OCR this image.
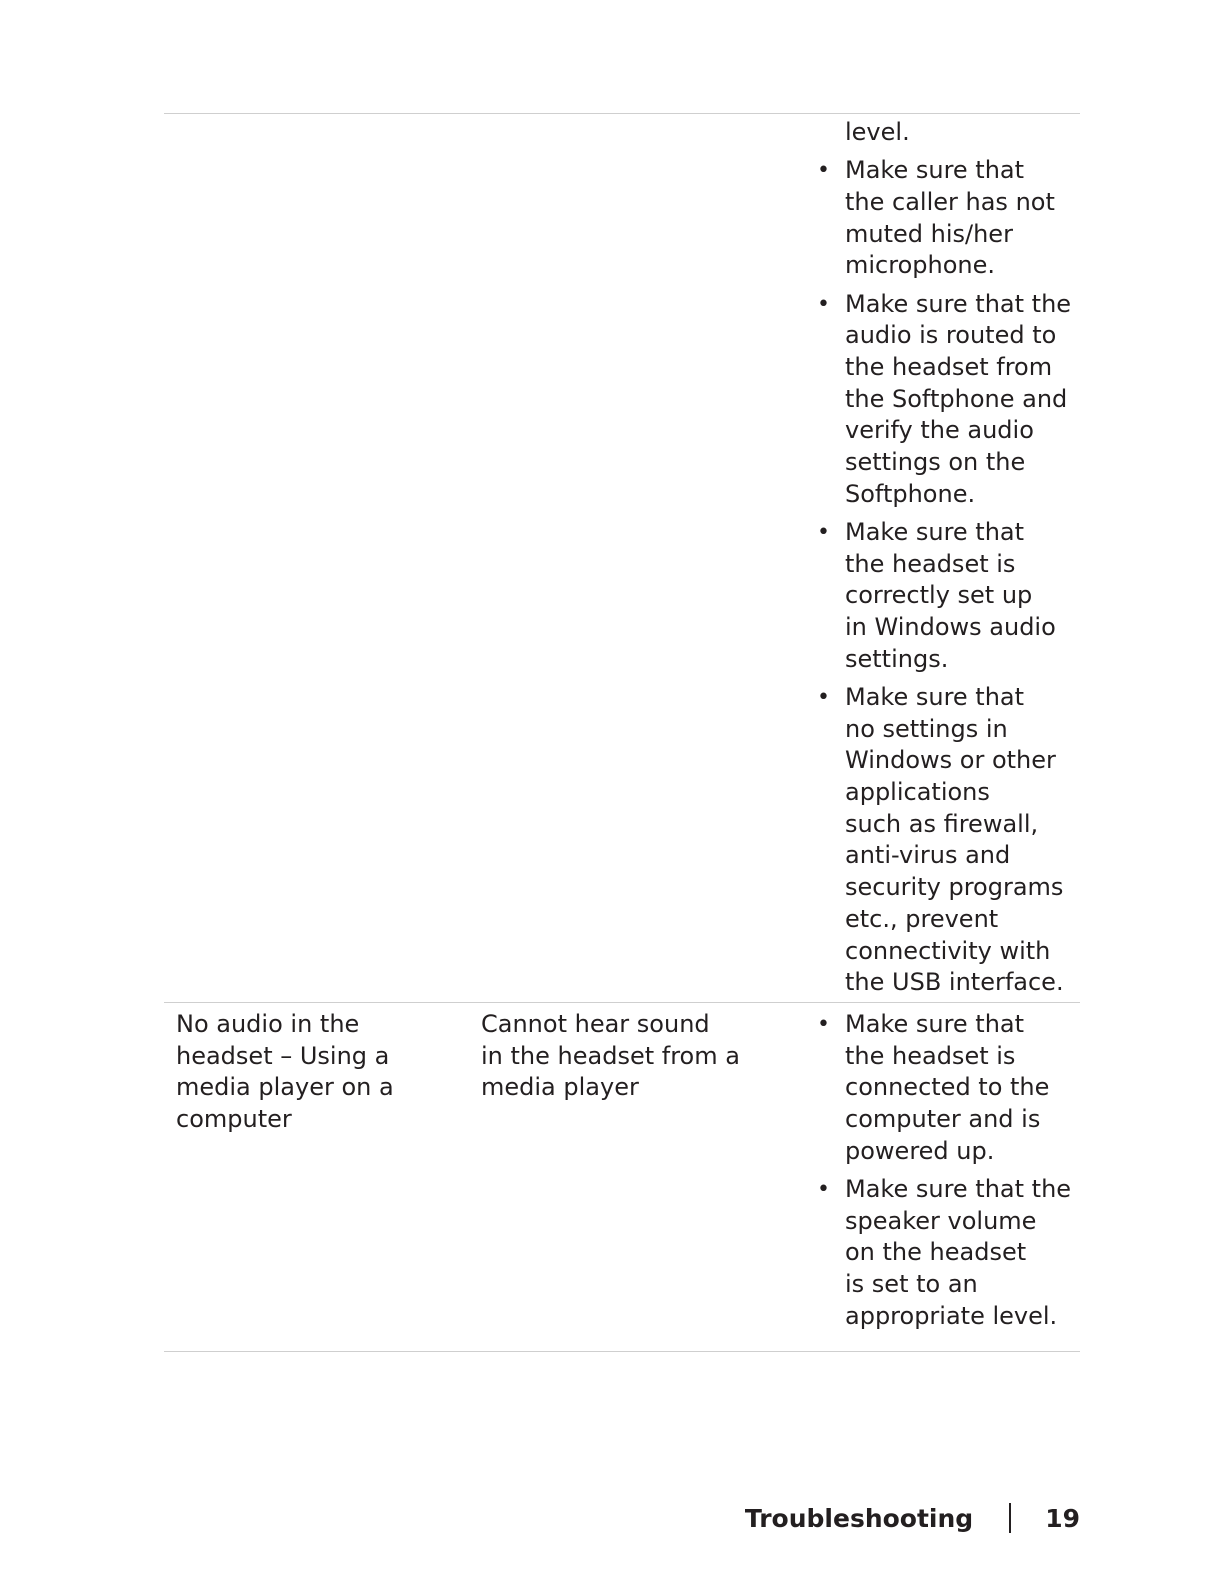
level.
• Make sure that
the caller has not
muted his/her
microphone.
• Make sure that the
audio is routed to
the headset from
the Softphone and
verify the audio
settings on the
Softphone.
• Make sure that
the headset is
correctly set up
in Windows audio
settings.
• Make sure that
no settings in
Windows or other
applications
such as firewall,
anti-virus and
security programs
etc., prevent
connectivity with
the USB interface.
No audio in the
headset – Using a
media player on a
computer
Cannot hear sound
in the headset from a
media player
• Make sure that
the headset is
connected to the
computer and is
powered up.
• Make sure that the
speaker volume
on the headset
is set to an
appropriate level.
Troubleshooting	19
